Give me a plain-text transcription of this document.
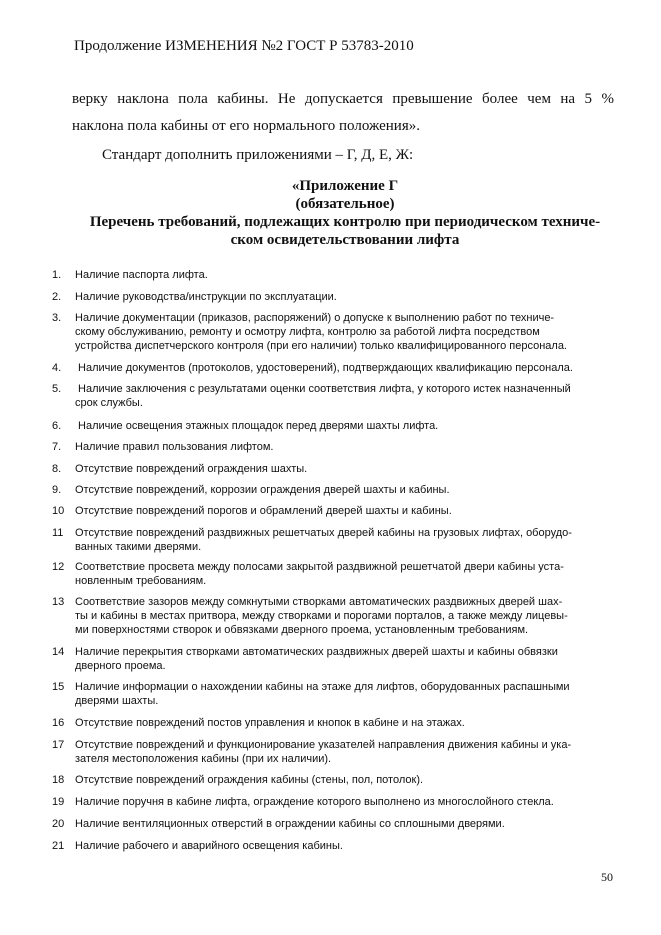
Продолжение ИЗМЕНЕНИЯ №2 ГОСТ Р 53783-2010

верку наклона пола кабины. Не допускается превышение более чем на 5 %

наклона пола кабины от его нормального положения».

Стандарт дополнить приложениями – Г, Д, Е, Ж:

«Приложение Г
(обязательное)
Перечень требований, подлежащих контролю при периодическом техниче-
ском освидетельствовании лифта
1.	Наличие паспорта лифта.
2.	Наличие руководства/инструкции по эксплуатации.
3.	Наличие документации (приказов, распоряжений) о допуске к выполнению работ по техниче-
скому обслуживанию, ремонту и осмотру лифта, контролю за работой лифта посредством
устройства диспетчерского контроля (при его наличии) только квалифицированного персонала.
4.	Наличие документов (протоколов, удостоверений), подтверждающих квалификацию персонала.
5.	Наличие заключения с результатами оценки соответствия лифта, у которого истек назначенный
срок службы.
6.	Наличие освещения этажных площадок перед дверями шахты лифта.
7.	Наличие правил пользования лифтом.
8.	Отсутствие повреждений ограждения шахты.
9.	Отсутствие повреждений, коррозии ограждения дверей шахты и кабины.
10 Отсутствие повреждений порогов и обрамлений дверей шахты и кабины.
11	Отсутствие повреждений раздвижных решетчатых дверей кабины на грузовых лифтах, оборудо-
ванных такими дверями.
12 Соответствие просвета между полосами закрытой раздвижной решетчатой двери кабины уста-
новленным требованиям.
13 Соответствие зазоров между сомкнутыми створками автоматических раздвижных дверей шах-
ты и кабины в местах притвора, между створками и порогами порталов, а также между лицевы-
ми поверхностями створок и обвязками дверного проема, установленным требованиям.
14 Наличие перекрытия створками автоматических раздвижных дверей шахты и кабины обвязки
дверного проема.
15 Наличие информации о нахождении кабины на этаже для лифтов, оборудованных распашными
дверями шахты.
16 Отсутствие повреждений постов управления и кнопок в кабине и на этажах.
17 Отсутствие повреждений и функционирование указателей направления движения кабины и ука-
зателя местоположения кабины (при их наличии).
18 Отсутствие повреждений ограждения кабины (стены, пол, потолок).
19 Наличие поручня в кабине лифта, ограждение которого выполнено из многослойного стекла.
20 Наличие вентиляционных отверстий в ограждении кабины со сплошными дверями.
21 Наличие рабочего и аварийного освещения кабины.
50
